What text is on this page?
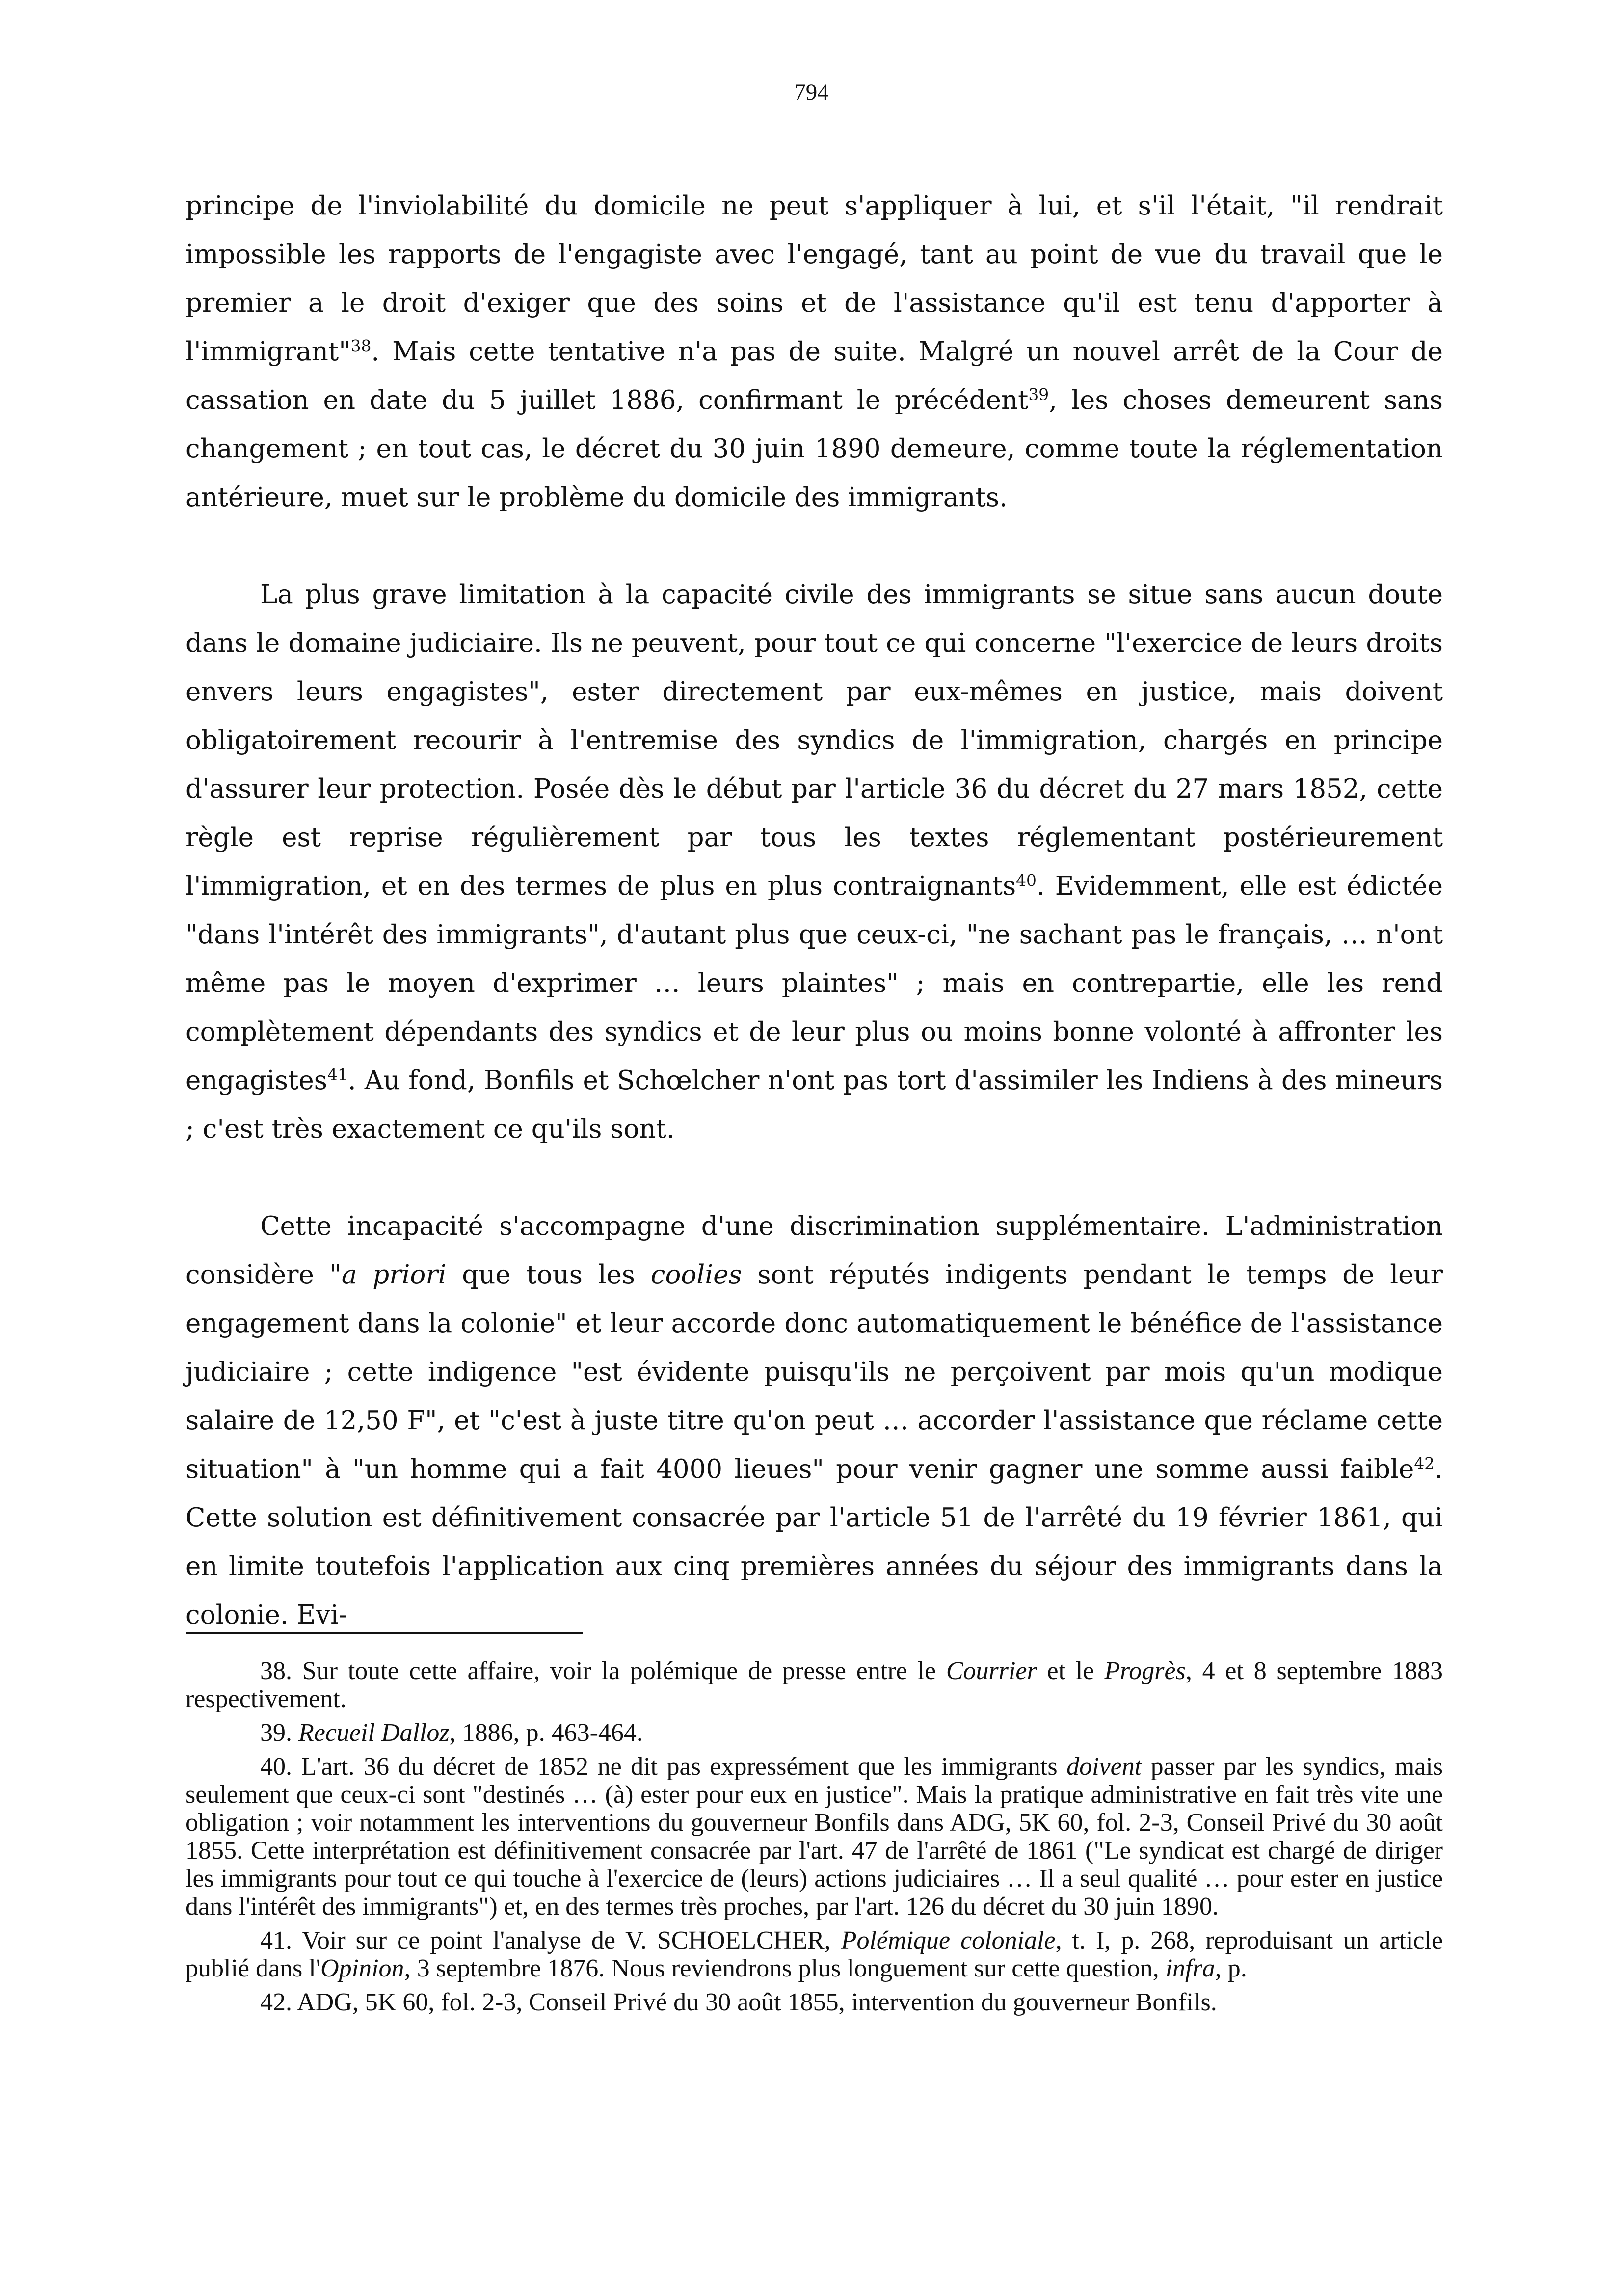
794

principe de l'inviolabilité du domicile ne peut s'appliquer à lui, et s'il l'était, "il rendrait impossible les rapports de l'engagiste avec l'engagé, tant au point de vue du travail que le premier a le droit d'exiger que des soins et de l'assistance qu'il est tenu d'apporter à l'immigrant"$^{38}$. Mais cette tentative n'a pas de suite. Malgré un nouvel arrêt de la Cour de cassation en date du 5 juillet 1886, confirmant le précédent$^{39}$, les choses demeurent sans changement ; en tout cas, le décret du 30 juin 1890 demeure, comme toute la réglementation antérieure, muet sur le problème du domicile des immigrants.

La plus grave limitation à la capacité civile des immigrants se situe sans aucun doute dans le domaine judiciaire. Ils ne peuvent, pour tout ce qui concerne "l'exercice de leurs droits envers leurs engagistes", ester directement par eux-mêmes en justice, mais doivent obligatoirement recourir à l'entremise des syndics de l'immigration, chargés en principe d'assurer leur protection. Posée dès le début par l'article 36 du décret du 27 mars 1852, cette règle est reprise régulièrement par tous les textes réglementant postérieurement l'immigration, et en des termes de plus en plus contraignants$^{40}$. Evidemment, elle est édictée "dans l'intérêt des immigrants", d'autant plus que ceux-ci, "ne sachant pas le français, … n'ont même pas le moyen d'exprimer … leurs plaintes" ; mais en contrepartie, elle les rend complètement dépendants des syndics et de leur plus ou moins bonne volonté à affronter les engagistes$^{41}$. Au fond, Bonfils et Schœlcher n'ont pas tort d'assimiler les Indiens à des mineurs ; c'est très exactement ce qu'ils sont.

Cette incapacité s'accompagne d'une discrimination supplémentaire. L'administration considère "a priori que tous les coolies sont réputés indigents pendant le temps de leur engagement dans la colonie" et leur accorde donc automatiquement le bénéfice de l'assistance judiciaire ; cette indigence "est évidente puisqu'ils ne perçoivent par mois qu'un modique salaire de 12,50 F", et "c'est à juste titre qu'on peut … accorder l'assistance que réclame cette situation" à "un homme qui a fait 4000 lieues" pour venir gagner une somme aussi faible$^{42}$. Cette solution est définitivement consacrée par l'article 51 de l'arrêté du 19 février 1861, qui en limite toutefois l'application aux cinq premières années du séjour des immigrants dans la colonie. Evi-

38. Sur toute cette affaire, voir la polémique de presse entre le Courrier et le Progrès, 4 et 8 septembre 1883 respectivement.

39. Recueil Dalloz, 1886, p. 463-464.

40. L'art. 36 du décret de 1852 ne dit pas expressément que les immigrants doivent passer par les syndics, mais seulement que ceux-ci sont "destinés … (à) ester pour eux en justice". Mais la pratique administrative en fait très vite une obligation ; voir notamment les interventions du gouverneur Bonfils dans ADG, 5K 60, fol. 2-3, Conseil Privé du 30 août 1855. Cette interprétation est définitivement consacrée par l'art. 47 de l'arrêté de 1861 ("Le syndicat est chargé de diriger les immigrants pour tout ce qui touche à l'exercice de (leurs) actions judiciaires … Il a seul qualité … pour ester en justice dans l'intérêt des immigrants") et, en des termes très proches, par l'art. 126 du décret du 30 juin 1890.

41. Voir sur ce point l'analyse de V. SCHOELCHER, Polémique coloniale, t. I, p. 268, reproduisant un article publié dans l'Opinion, 3 septembre 1876. Nous reviendrons plus longuement sur cette question, infra, p.

42. ADG, 5K 60, fol. 2-3, Conseil Privé du 30 août 1855, intervention du gouverneur Bonfils.
